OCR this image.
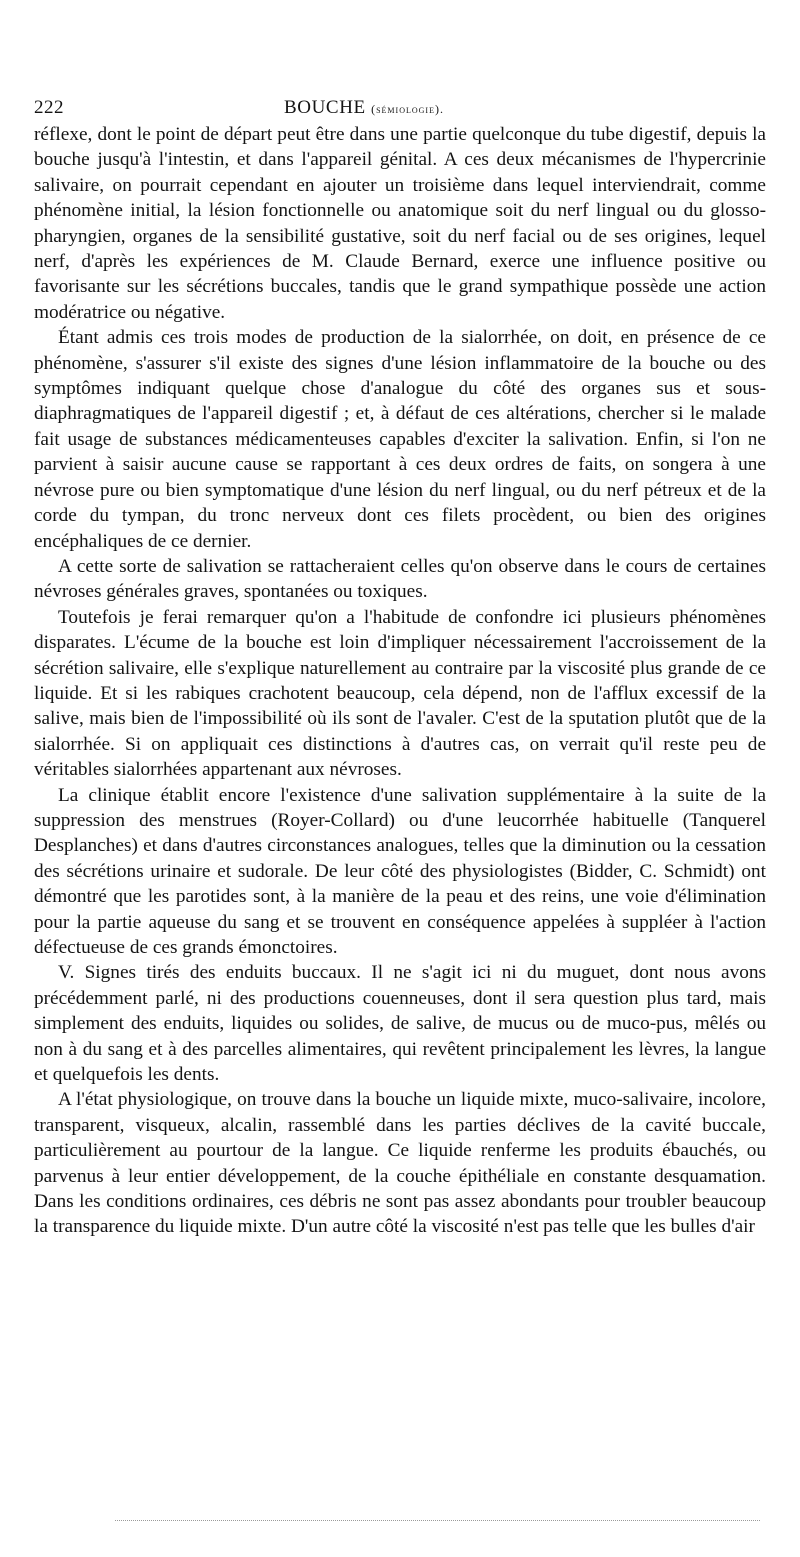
222	BOUCHE (sémiologie).

réflexe, dont le point de départ peut être dans une partie quelconque du tube digestif, depuis la bouche jusqu'à l'intestin, et dans l'appareil génital. A ces deux mécanismes de l'hypercrinie salivaire, on pourrait cependant en ajouter un troisième dans lequel interviendrait, comme phénomène initial, la lésion fonctionnelle ou anatomique soit du nerf lingual ou du glosso-pharyngien, organes de la sensibilité gustative, soit du nerf facial ou de ses origines, lequel nerf, d'après les expériences de M. Claude Bernard, exerce une influence positive ou favorisante sur les sécrétions buccales, tandis que le grand sympathique possède une action modératrice ou négative.

Étant admis ces trois modes de production de la sialorrhée, on doit, en présence de ce phénomène, s'assurer s'il existe des signes d'une lésion inflammatoire de la bouche ou des symptômes indiquant quelque chose d'analogue du côté des organes sus et sous-diaphragmatiques de l'appareil digestif ; et, à défaut de ces altérations, chercher si le malade fait usage de substances médicamenteuses capables d'exciter la salivation. Enfin, si l'on ne parvient à saisir aucune cause se rapportant à ces deux ordres de faits, on songera à une névrose pure ou bien symptomatique d'une lésion du nerf lingual, ou du nerf pétreux et de la corde du tympan, du tronc nerveux dont ces filets procèdent, ou bien des origines encéphaliques de ce dernier.

A cette sorte de salivation se rattacheraient celles qu'on observe dans le cours de certaines névroses générales graves, spontanées ou toxiques.

Toutefois je ferai remarquer qu'on a l'habitude de confondre ici plusieurs phénomènes disparates. L'écume de la bouche est loin d'impliquer nécessairement l'accroissement de la sécrétion salivaire, elle s'explique naturellement au contraire par la viscosité plus grande de ce liquide. Et si les rabiques crachotent beaucoup, cela dépend, non de l'afflux excessif de la salive, mais bien de l'impossibilité où ils sont de l'avaler. C'est de la sputation plutôt que de la sialorrhée. Si on appliquait ces distinctions à d'autres cas, on verrait qu'il reste peu de véritables sialorrhées appartenant aux névroses.

La clinique établit encore l'existence d'une salivation supplémentaire à la suite de la suppression des menstrues (Royer-Collard) ou d'une leucorrhée habituelle (Tanquerel Desplanches) et dans d'autres circonstances analogues, telles que la diminution ou la cessation des sécrétions urinaire et sudorale. De leur côté des physiologistes (Bidder, C. Schmidt) ont démontré que les parotides sont, à la manière de la peau et des reins, une voie d'élimination pour la partie aqueuse du sang et se trouvent en conséquence appelées à suppléer à l'action défectueuse de ces grands émonctoires.

V. Signes tirés des enduits buccaux. Il ne s'agit ici ni du muguet, dont nous avons précédemment parlé, ni des productions couenneuses, dont il sera question plus tard, mais simplement des enduits, liquides ou solides, de salive, de mucus ou de muco-pus, mêlés ou non à du sang et à des parcelles alimentaires, qui revêtent principalement les lèvres, la langue et quelquefois les dents.

A l'état physiologique, on trouve dans la bouche un liquide mixte, muco-salivaire, incolore, transparent, visqueux, alcalin, rassemblé dans les parties déclives de la cavité buccale, particulièrement au pourtour de la langue. Ce liquide renferme les produits ébauchés, ou parvenus à leur entier développement, de la couche épithéliale en constante desquamation. Dans les conditions ordinaires, ces débris ne sont pas assez abondants pour troubler beaucoup la transparence du liquide mixte. D'un autre côté la viscosité n'est pas telle que les bulles d'air
